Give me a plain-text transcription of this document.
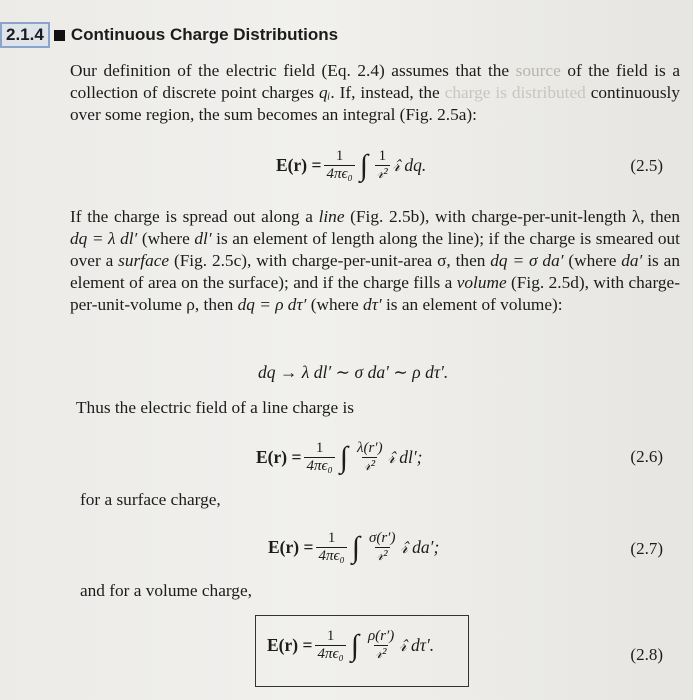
2.1.4	Continuous Charge Distributions
Our definition of the electric field (Eq. 2.4) assumes that the source of the field is a collection of discrete point charges qᵢ. If, instead, the charge is distributed continuously over some region, the sum becomes an integral (Fig. 2.5a):
$E(r) = \frac{1}{\text{4πϵ₀}}$ ∫ $\frac{1}{\text{𝓇²}}$ 𝓇̂ dq.	(2.5)
If the charge is spread out along a line (Fig. 2.5b), with charge-per-unit-length λ, then dq = λ dl′ (where dl′ is an element of length along the line); if the charge is smeared out over a surface (Fig. 2.5c), with charge-per-unit-area σ, then dq = σ da′ (where da′ is an element of area on the surface); and if the charge fills a volume (Fig. 2.5d), with charge-per-unit-volume ρ, then dq = ρ dτ′ (where dτ′ is an element of volume):
dq → λ dl′ ∼ σ da′ ∼ ρ dτ′.
Thus the electric field of a line charge is
$E(r) = \frac{1}{\text{4πϵ₀}}$ ∫ $\frac{\lambda(r')}{\text{𝓇²}}$ 𝓇̂ dl′;	(2.6)
for a surface charge,
$E(r) = \frac{1}{\text{4πϵ₀}}$ ∫ $\frac{\sigma(r')}{\text{𝓇²}}$ 𝓇̂ da′;	(2.7)
and for a volume charge,
$E(r) = \frac{1}{\text{4πϵ₀}}$ ∫ $\frac{\rho(r')}{\text{𝓇²}}$ 𝓇̂ dτ′.	(2.8)
